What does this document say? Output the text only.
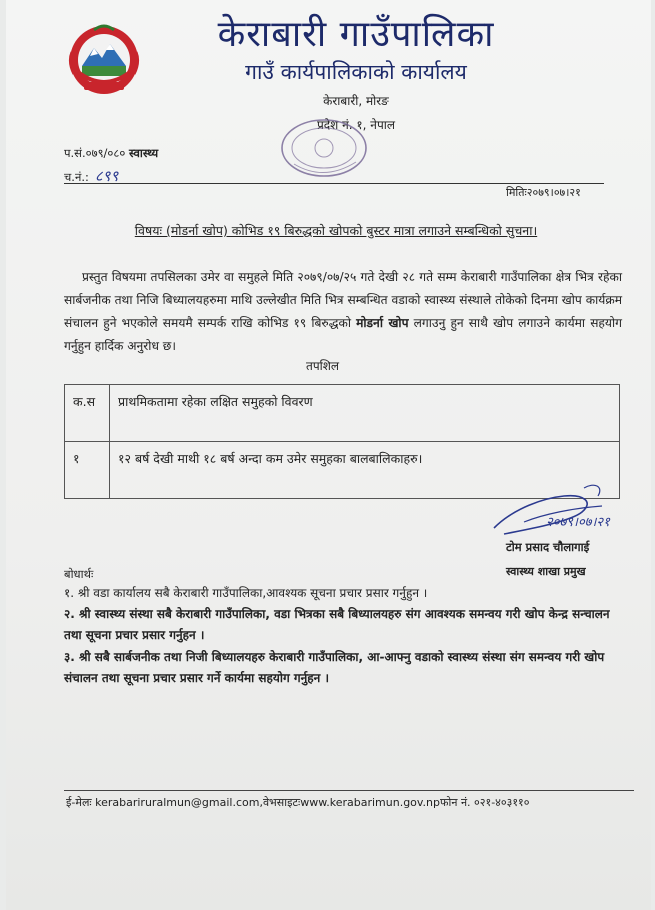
केराबारी गाउँपालिका
गाउँ कार्यपालिकाको कार्यालय
केराबारी, मोरङ
प्रदेश नं. १, नेपाल
प.सं.०७९/०८० स्वास्थ्य
च.नं.: ८९९
मितिः२०७९।०७।२१
विषयः (मोडर्ना खोप) कोभिड १९ बिरुद्धको खोपको बुस्टर मात्रा लगाउने सम्बन्धिको सुचना।
प्रस्तुत विषयमा तपसिलका उमेर वा समुहले मिति २०७९/०७/२५ गते देखी २८ गते सम्म केराबारी गाउँपालिका क्षेत्र भित्र रहेका सार्बजनीक तथा निजि बिध्यालयहरुमा माथि उल्लेखीत मिति भित्र सम्बन्धित वडाको स्वास्थ्य संस्थाले तोकेको दिनमा खोप कार्यक्रम संचालन हुने भएकोले समयमै सम्पर्क राखि कोभिड १९ बिरुद्धको मोडर्ना खोप लगाउनु हुन साथै खोप लगाउने कार्यमा सहयोग गर्नुहुन हार्दिक अनुरोध छ।
तपशिल
क.स	प्राथमिकतामा रहेका लक्षित समुहको विवरण
१	१२ बर्ष देखी माथी १८ बर्ष अन्दा कम उमेर समुहका बालबालिकाहरु।
२०७९।०७।२१
टोम प्रसाद चौलागाई
स्वास्थ्य शाखा प्रमुख
बोधार्थः
१. श्री वडा कार्यालय सबै केराबारी गाउँपालिका,आवश्यक सूचना प्रचार प्रसार गर्नुहुन ।
२. श्री स्वास्थ्य संस्था सबै केराबारी गाउँपालिका, वडा भित्रका सबै बिध्यालयहरु संग आवश्यक समन्वय गरी खोप केन्द्र सन्चालन तथा सूचना प्रचार प्रसार गर्नुहन ।
३. श्री सबै सार्बजनीक तथा निजी बिध्यालयहरु केराबारी गाउँपालिका, आ-आफ्नु वडाको स्वास्थ्य संस्था संग समन्वय गरी खोप संचालन तथा सूचना प्रचार प्रसार गर्ने कार्यमा सहयोग गर्नुहन ।
ई-मेलः kerabariruralmun@gmail.com,वेभसाइटःwww.kerabarimun.gov.npफोन नं. ०२१-४०३११०
